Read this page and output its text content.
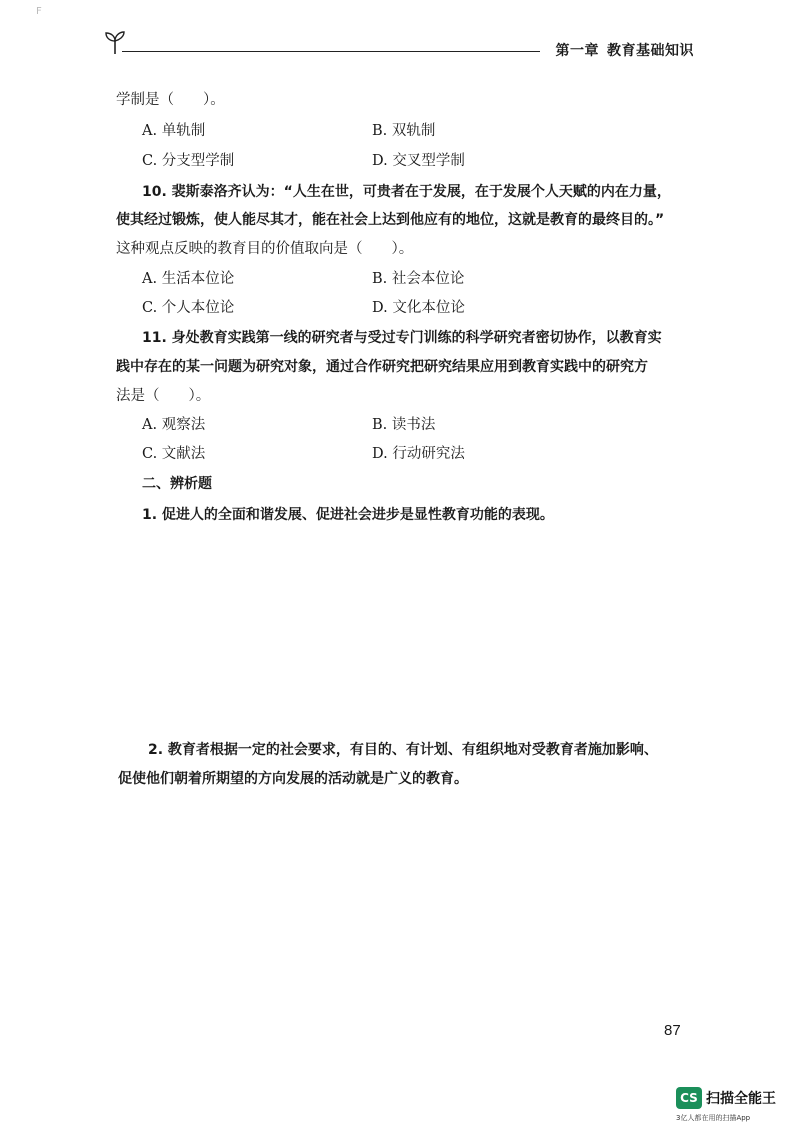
F
第一章 教育基础知识
学制是（　　）。
A. 单轨制	B. 双轨制
C. 分支型学制	D. 交叉型学制
10. 裴斯泰洛齐认为：“人生在世，可贵者在于发展，在于发展个人天赋的内在力量，
使其经过锻炼，使人能尽其才，能在社会上达到他应有的地位，这就是教育的最终目的。”
这种观点反映的教育目的价值取向是（　　）。
A. 生活本位论	B. 社会本位论
C. 个人本位论	D. 文化本位论
11. 身处教育实践第一线的研究者与受过专门训练的科学研究者密切协作，以教育实
践中存在的某一问题为研究对象，通过合作研究把研究结果应用到教育实践中的研究方
法是（　　）。
A. 观察法	B. 读书法
C. 文献法	D. 行动研究法
二、辨析题
1. 促进人的全面和谐发展、促进社会进步是显性教育功能的表现。
2. 教育者根据一定的社会要求，有目的、有计划、有组织地对受教育者施加影响、
促使他们朝着所期望的方向发展的活动就是广义的教育。
87
CS 扫描全能王
3亿人都在用的扫描App
